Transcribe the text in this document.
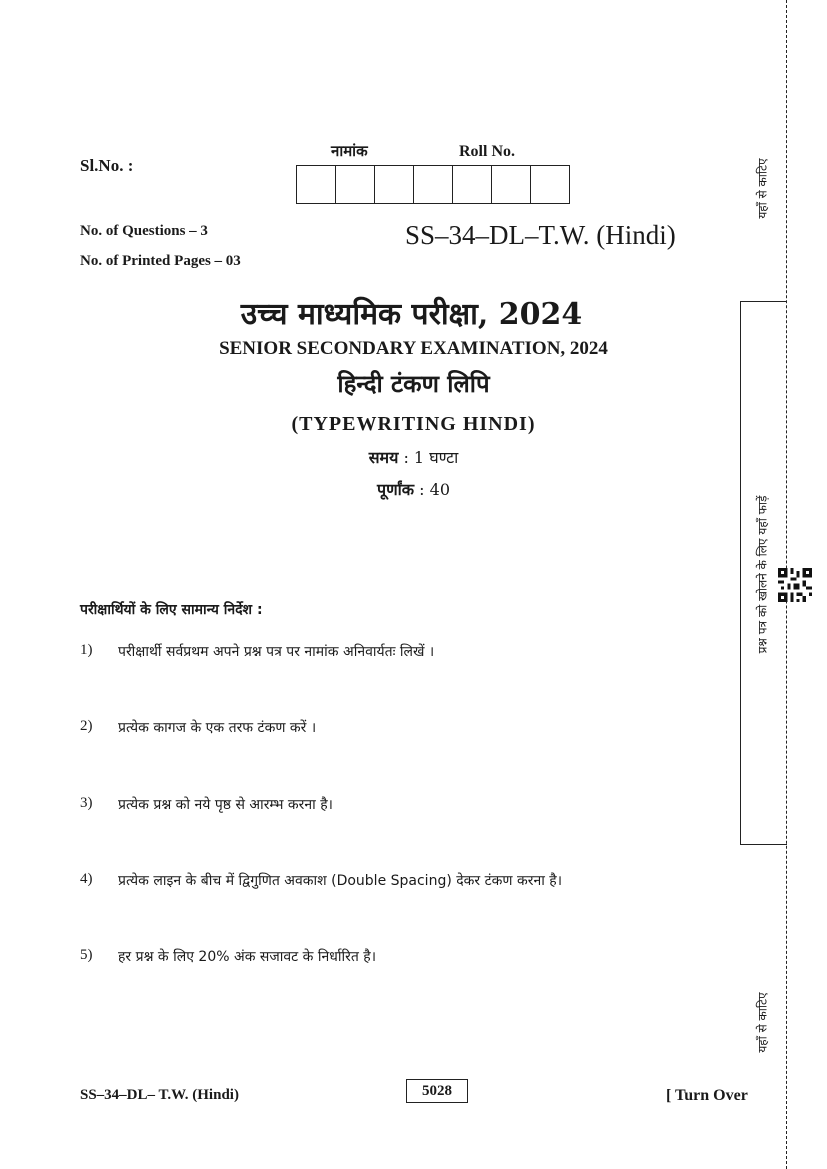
Sl.No. :
नामांक	Roll No.
No. of Questions – 3
No. of Printed Pages – 03
SS–34–DL–T.W. (Hindi)
उच्च माध्यमिक परीक्षा, 2024
SENIOR SECONDARY EXAMINATION, 2024
हिन्दी टंकण लिपि
(TYPEWRITING HINDI)
समय : 1 घण्टा
पूर्णांक : 40
परीक्षार्थियों के लिए सामान्य निर्देश :
1)	परीक्षार्थी सर्वप्रथम अपने प्रश्न पत्र पर नामांक अनिवार्यतः लिखें ।
2)	प्रत्येक कागज के एक तरफ टंकण करें ।
3)	प्रत्येक प्रश्न को नये पृष्ठ से आरम्भ करना है।
4)	प्रत्येक लाइन के बीच में द्विगुणित अवकाश (Double Spacing) देकर टंकण करना है।
5)	हर प्रश्न के लिए 20% अंक सजावट के निर्धारित है।
SS–34–DL– T.W. (Hindi)	5028	[ Turn Over
यहाँ से काटिए
प्रश्न पत्र को खोलने के लिए यहाँ फाड़ें
यहाँ से काटिए
